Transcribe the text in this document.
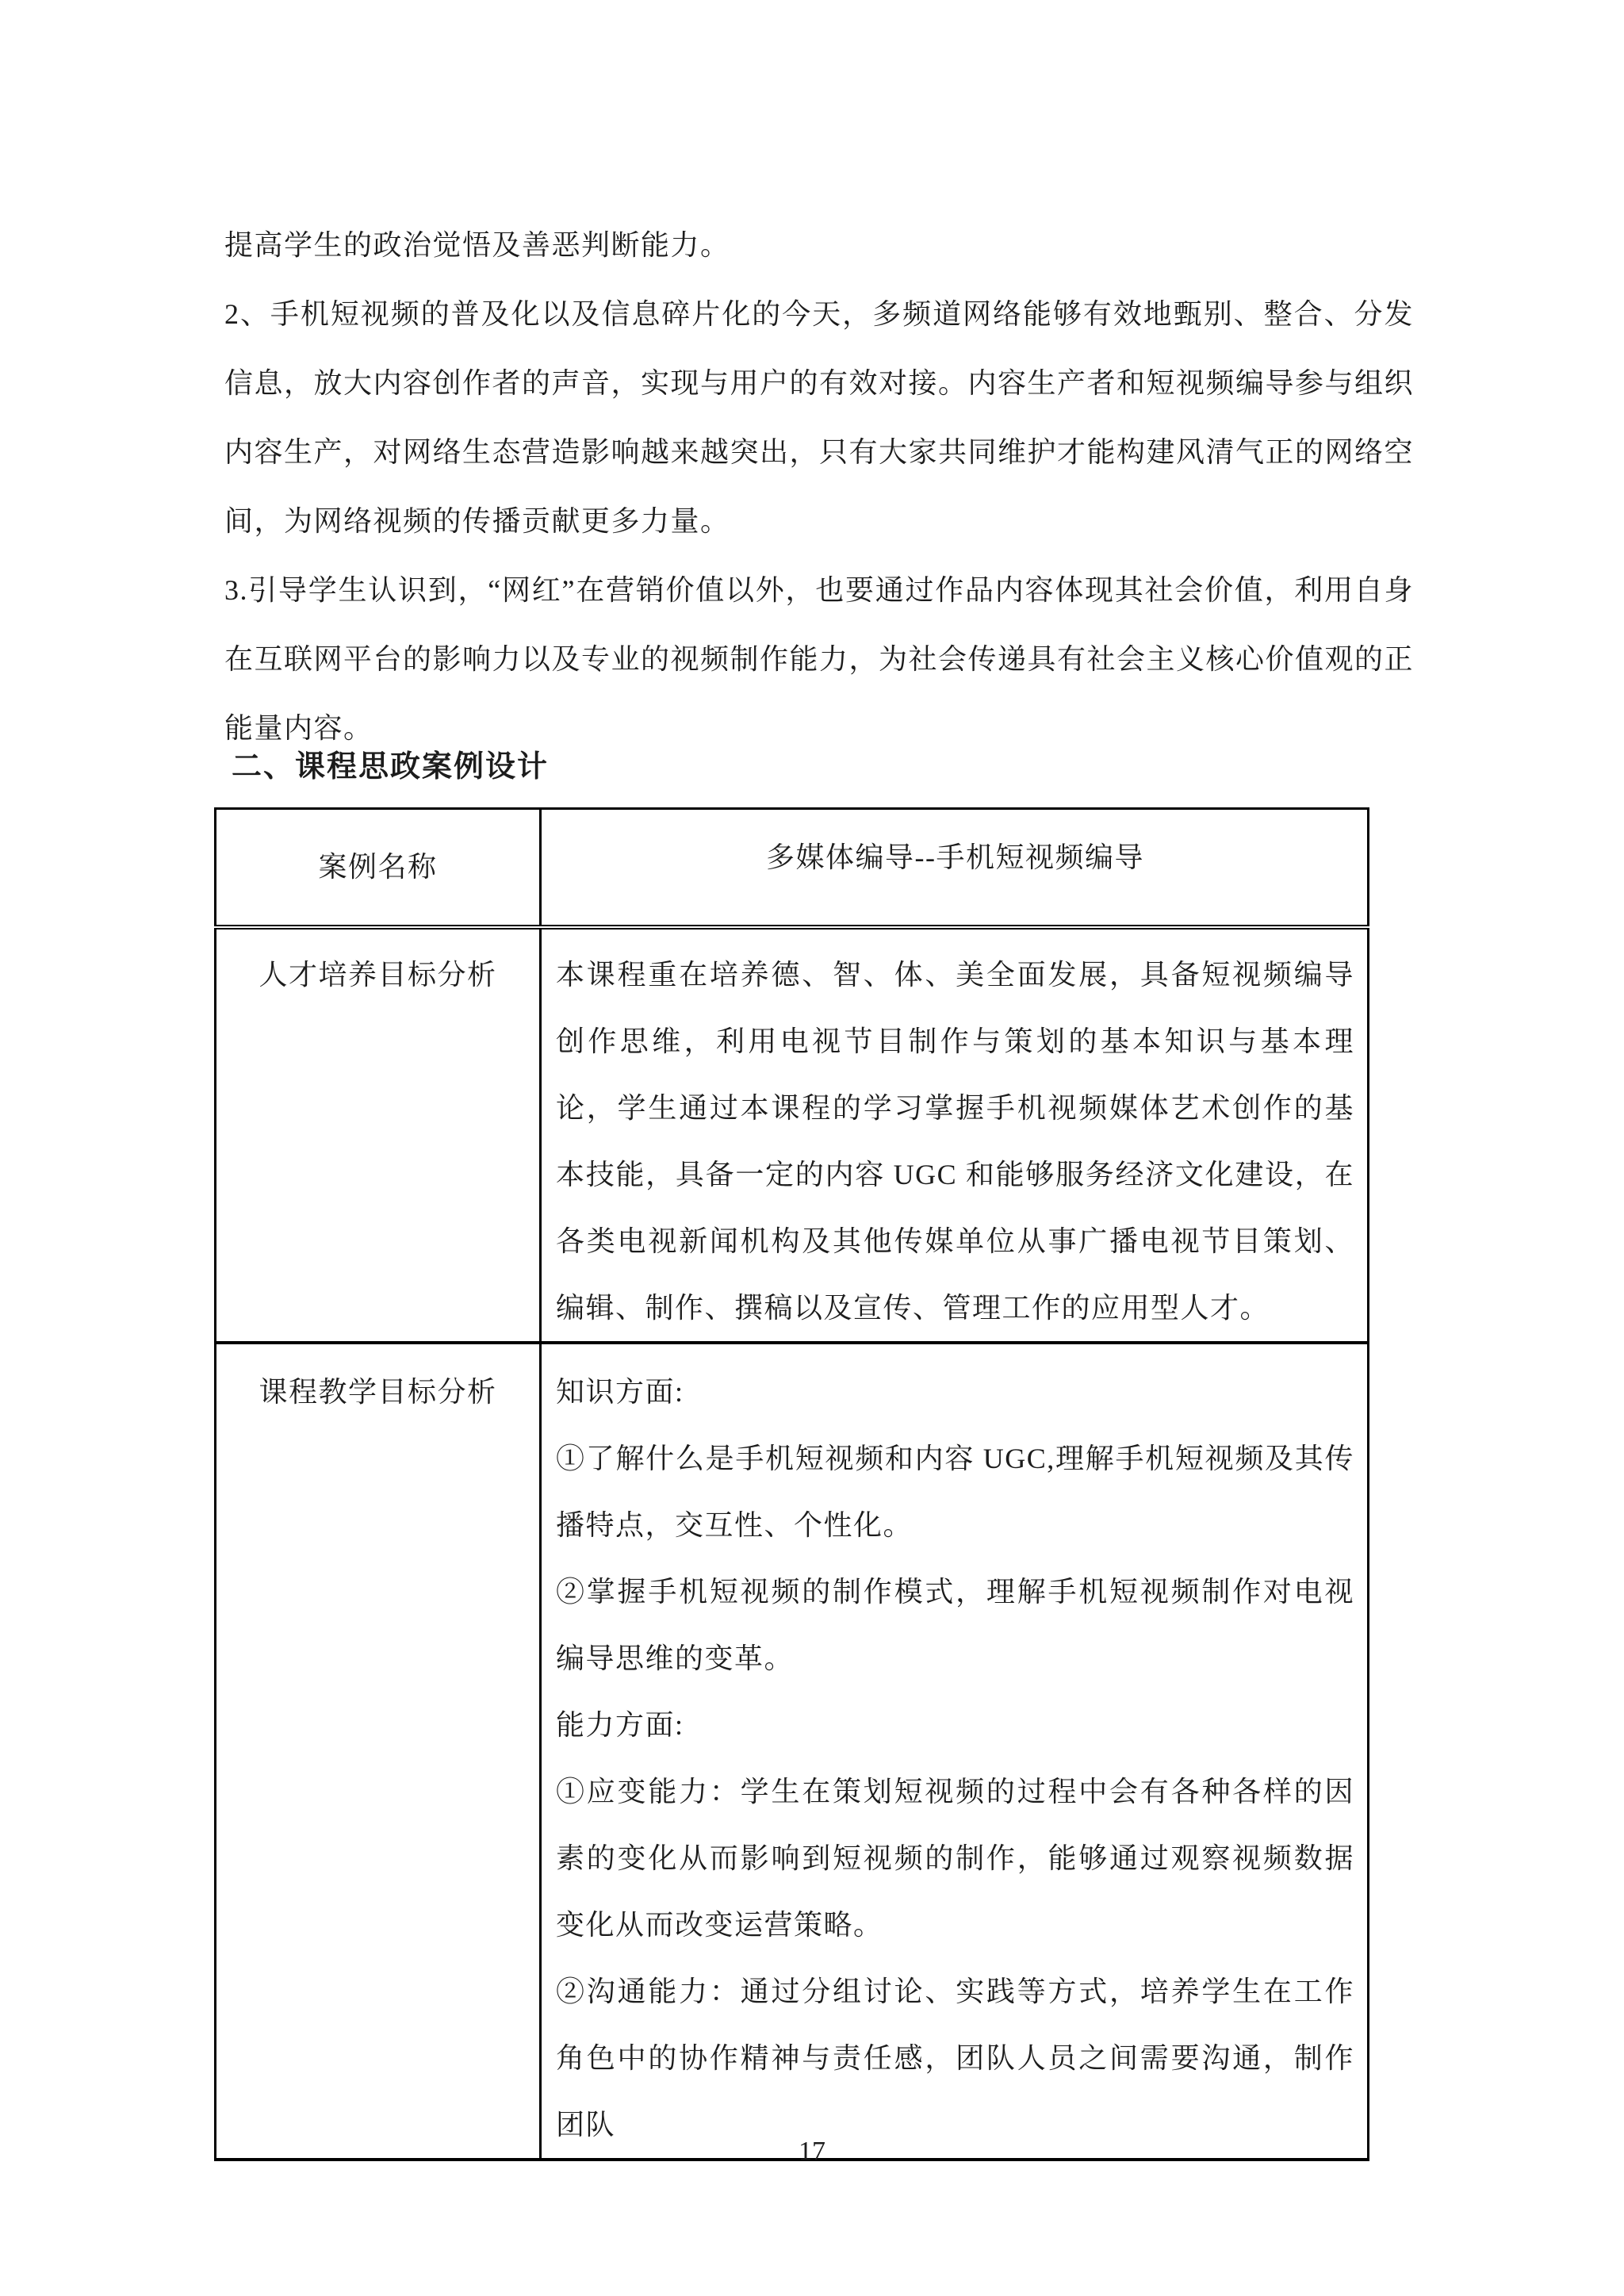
提高学生的政治觉悟及善恶判断能力。

2、手机短视频的普及化以及信息碎片化的今天，多频道网络能够有效地甄别、整合、分发信息，放大内容创作者的声音，实现与用户的有效对接。内容生产者和短视频编导参与组织内容生产，对网络生态营造影响越来越突出，只有大家共同维护才能构建风清气正的网络空间，为网络视频的传播贡献更多力量。

3.引导学生认识到，“网红”在营销价值以外，也要通过作品内容体现其社会价值，利用自身在互联网平台的影响力以及专业的视频制作能力，为社会传递具有社会主义核心价值观的正能量内容。

二、课程思政案例设计
案例名称	多媒体编导--手机短视频编导
人才培养目标分析	本课程重在培养德、智、体、美全面发展，具备短视频编导创作思维，利用电视节目制作与策划的基本知识与基本理论，学生通过本课程的学习掌握手机视频媒体艺术创作的基本技能，具备一定的内容 UGC 和能够服务经济文化建设，在各类电视新闻机构及其他传媒单位从事广播电视节目策划、编辑、制作、撰稿以及宣传、管理工作的应用型人才。

课程教学目标分析	知识方面:

①了解什么是手机短视频和内容 UGC,理解手机短视频及其传播特点，交互性、个性化。

②掌握手机短视频的制作模式，理解手机短视频制作对电视编导思维的变革。

能力方面:

①应变能力：学生在策划短视频的过程中会有各种各样的因素的变化从而影响到短视频的制作，能够通过观察视频数据变化从而改变运营策略。

②沟通能力：通过分组讨论、实践等方式，培养学生在工作角色中的协作精神与责任感，团队人员之间需要沟通，制作团队

17
